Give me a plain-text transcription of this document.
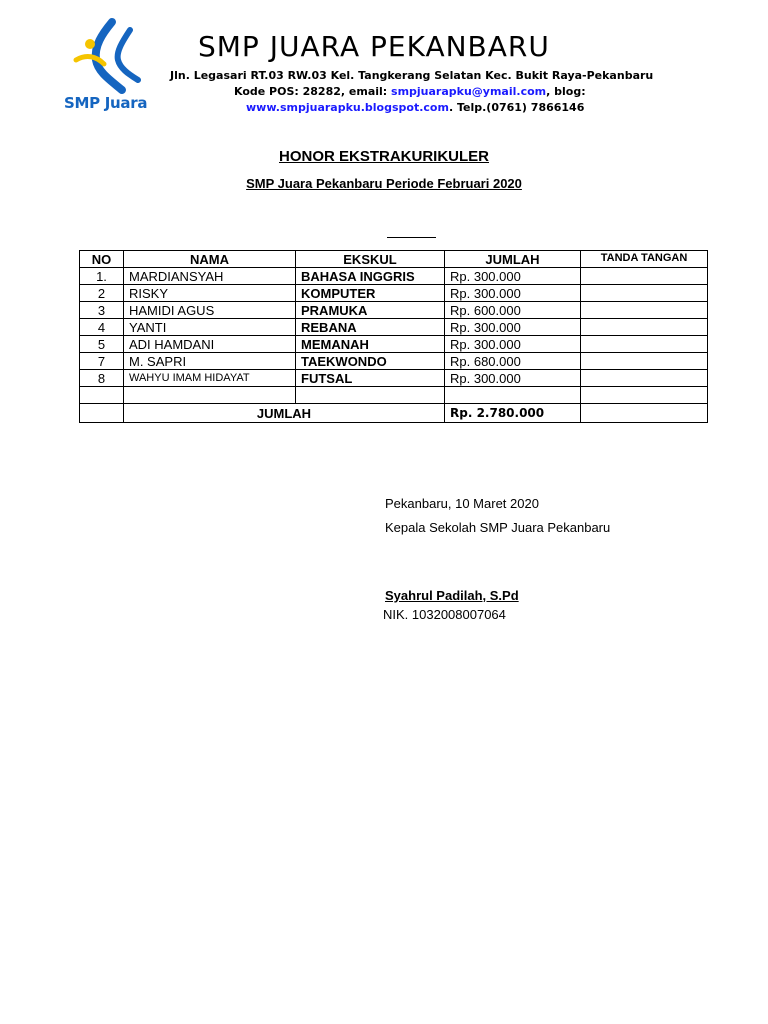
SMP Juara
SMP JUARA PEKANBARU
Jln. Legasari RT.03 RW.03 Kel. Tangkerang Selatan Kec. Bukit Raya-Pekanbaru
Kode POS: 28282, email: smpjuarapku@ymail.com, blog:
www.smpjuarapku.blogspot.com. Telp.(0761) 7866146
HONOR EKSTRAKURIKULER
SMP Juara Pekanbaru Periode Februari 2020
NO	NAMA	EKSKUL	JUMLAH	TANDA TANGAN
1.	MARDIANSYAH	BAHASA INGGRIS	Rp. 300.000	
2	RISKY	KOMPUTER	Rp. 300.000	
3	HAMIDI AGUS	PRAMUKA	Rp. 600.000	
4	YANTI	REBANA	Rp. 300.000	
5	ADI HAMDANI	MEMANAH	Rp. 300.000	
7	M. SAPRI	TAEKWONDO	Rp. 680.000	
8	WAHYU IMAM HIDAYAT	FUTSAL	Rp. 300.000	

	JUMLAH		Rp. 2.780.000	
Pekanbaru, 10 Maret 2020
Kepala Sekolah SMP Juara Pekanbaru
Syahrul Padilah, S.Pd
NIK. 1032008007064
